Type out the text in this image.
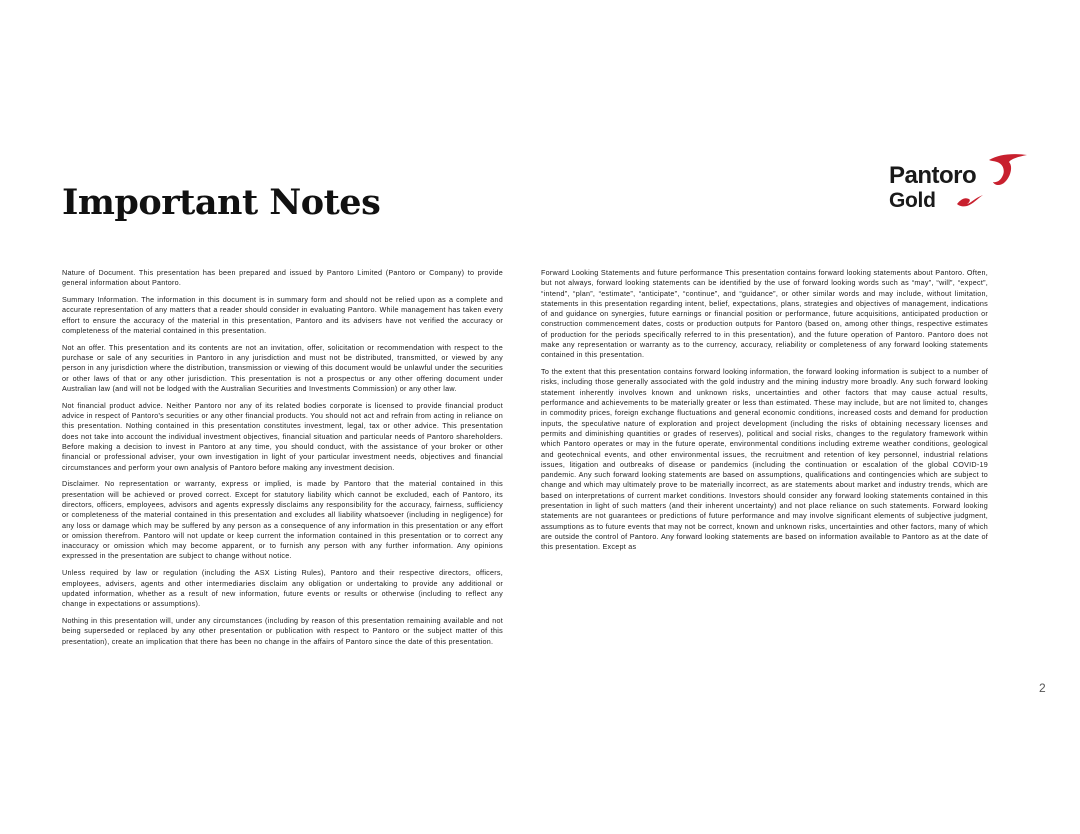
Important Notes
Pantoro
Gold

Nature of Document. This presentation has been prepared and issued by Pantoro Limited (Pantoro or Company) to provide general information about Pantoro.

Summary Information. The information in this document is in summary form and should not be relied upon as a complete and accurate representation of any matters that a reader should consider in evaluating Pantoro. While management has taken every effort to ensure the accuracy of the material in this presentation, Pantoro and its advisers have not verified the accuracy or completeness of the material contained in this presentation.

Not an offer. This presentation and its contents are not an invitation, offer, solicitation or recommendation with respect to the purchase or sale of any securities in Pantoro in any jurisdiction and must not be distributed, transmitted, or viewed by any person in any jurisdiction where the distribution, transmission or viewing of this document would be unlawful under the securities or other laws of that or any other jurisdiction. This presentation is not a prospectus or any other offering document under Australian law (and will not be lodged with the Australian Securities and Investments Commission) or any other law.

Not financial product advice. Neither Pantoro nor any of its related bodies corporate is licensed to provide financial product advice in respect of Pantoro's securities or any other financial products. You should not act and refrain from acting in reliance on this presentation. Nothing contained in this presentation constitutes investment, legal, tax or other advice. This presentation does not take into account the individual investment objectives, financial situation and particular needs of Pantoro shareholders. Before making a decision to invest in Pantoro at any time, you should conduct, with the assistance of your broker or other financial or professional adviser, your own investigation in light of your particular investment needs, objectives and financial circumstances and perform your own analysis of Pantoro before making any investment decision.

Disclaimer. No representation or warranty, express or implied, is made by Pantoro that the material contained in this presentation will be achieved or proved correct. Except for statutory liability which cannot be excluded, each of Pantoro, its directors, officers, employees, advisors and agents expressly disclaims any responsibility for the accuracy, fairness, sufficiency or completeness of the material contained in this presentation and excludes all liability whatsoever (including in negligence) for any loss or damage which may be suffered by any person as a consequence of any information in this presentation or any effort or omission therefrom. Pantoro will not update or keep current the information contained in this presentation or to correct any inaccuracy or omission which may become apparent, or to furnish any person with any further information. Any opinions expressed in the presentation are subject to change without notice.

Unless required by law or regulation (including the ASX Listing Rules), Pantoro and their respective directors, officers, employees, advisers, agents and other intermediaries disclaim any obligation or undertaking to provide any additional or updated information, whether as a result of new information, future events or results or otherwise (including to reflect any change in expectations or assumptions).

Nothing in this presentation will, under any circumstances (including by reason of this presentation remaining available and not being superseded or replaced by any other presentation or publication with respect to Pantoro or the subject matter of this presentation), create an implication that there has been no change in the affairs of Pantoro since the date of this presentation.

Forward Looking Statements and future performance This presentation contains forward looking statements about Pantoro. Often, but not always, forward looking statements can be identified by the use of forward looking words such as “may”, “will”, “expect”, “intend”, “plan”, “estimate”, “anticipate”, “continue”, and “guidance”, or other similar words and may include, without limitation, statements in this presentation regarding intent, belief, expectations, plans, strategies and objectives of management, indications of and guidance on synergies, future earnings or financial position or performance, future acquisitions, anticipated production or construction commencement dates, costs or production outputs for Pantoro (based on, among other things, respective estimates of production for the periods specifically referred to in this presentation), and the future operation of Pantoro. Pantoro does not make any representation or warranty as to the currency, accuracy, reliability or completeness of any forward looking statements contained in this presentation.

To the extent that this presentation contains forward looking information, the forward looking information is subject to a number of risks, including those generally associated with the gold industry and the mining industry more broadly. Any such forward looking statement inherently involves known and unknown risks, uncertainties and other factors that may cause actual results, performance and achievements to be materially greater or less than estimated. These may include, but are not limited to, changes in commodity prices, foreign exchange fluctuations and general economic conditions, increased costs and demand for production inputs, the speculative nature of exploration and project development (including the risks of obtaining necessary licenses and permits and diminishing quantities or grades of reserves), political and social risks, changes to the regulatory framework within which Pantoro operates or may in the future operate, environmental conditions including extreme weather conditions, geological and geotechnical events, and other environmental issues, the recruitment and retention of key personnel, industrial relations issues, litigation and outbreaks of disease or pandemics (including the continuation or escalation of the global COVID-19 pandemic. Any such forward looking statements are based on assumptions, qualifications and contingencies which are subject to change and which may ultimately prove to be materially incorrect, as are statements about market and industry trends, which are based on interpretations of current market conditions. Investors should consider any forward looking statements contained in this presentation in light of such matters (and their inherent uncertainty) and not place reliance on such statements. Forward looking statements are not guarantees or predictions of future performance and may involve significant elements of subjective judgment, assumptions as to future events that may not be correct, known and unknown risks, uncertainties and other factors, many of which are outside the control of Pantoro. Any forward looking statements are based on information available to Pantoro as at the date of this presentation. Except as

2
